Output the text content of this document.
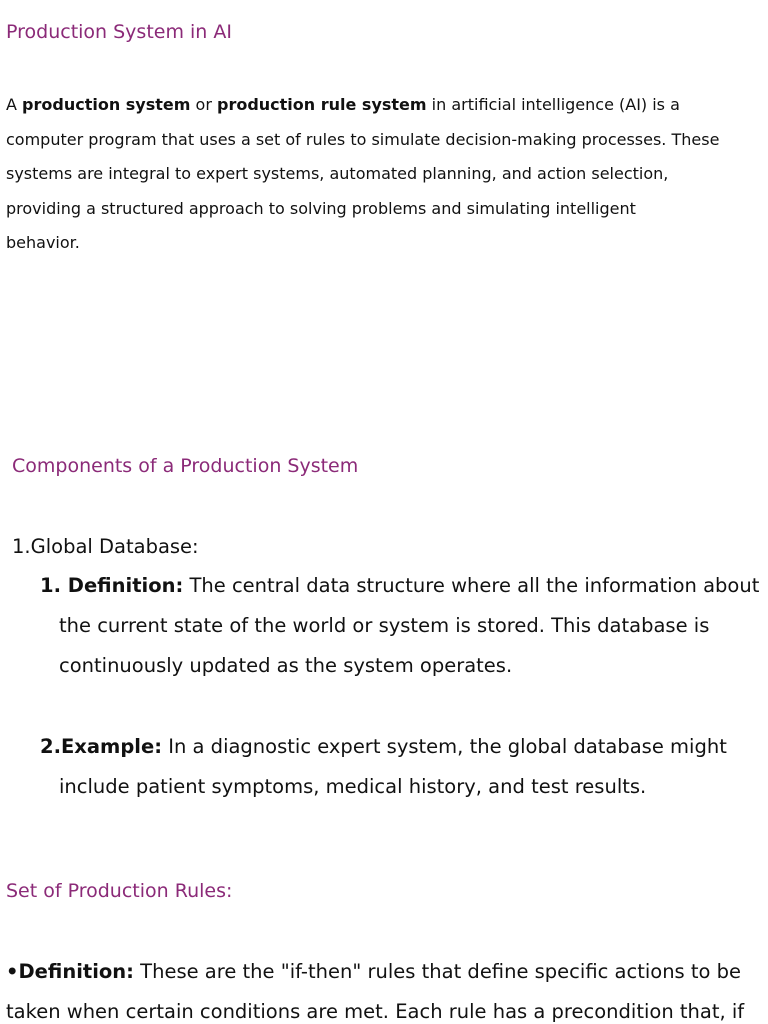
Production System in AI
A production system or production rule system in artificial intelligence (AI) is a
computer program that uses a set of rules to simulate decision-making processes. These
systems are integral to expert systems, automated planning, and action selection,
providing a structured approach to solving problems and simulating intelligent
behavior.
Components of a Production System
1.Global Database:
1. Definition: The central data structure where all the information about
the current state of the world or system is stored. This database is
continuously updated as the system operates.
2.Example: In a diagnostic expert system, the global database might
include patient symptoms, medical history, and test results.
Set of Production Rules:
•Definition: These are the "if-then" rules that define specific actions to be
taken when certain conditions are met. Each rule has a precondition that, if
